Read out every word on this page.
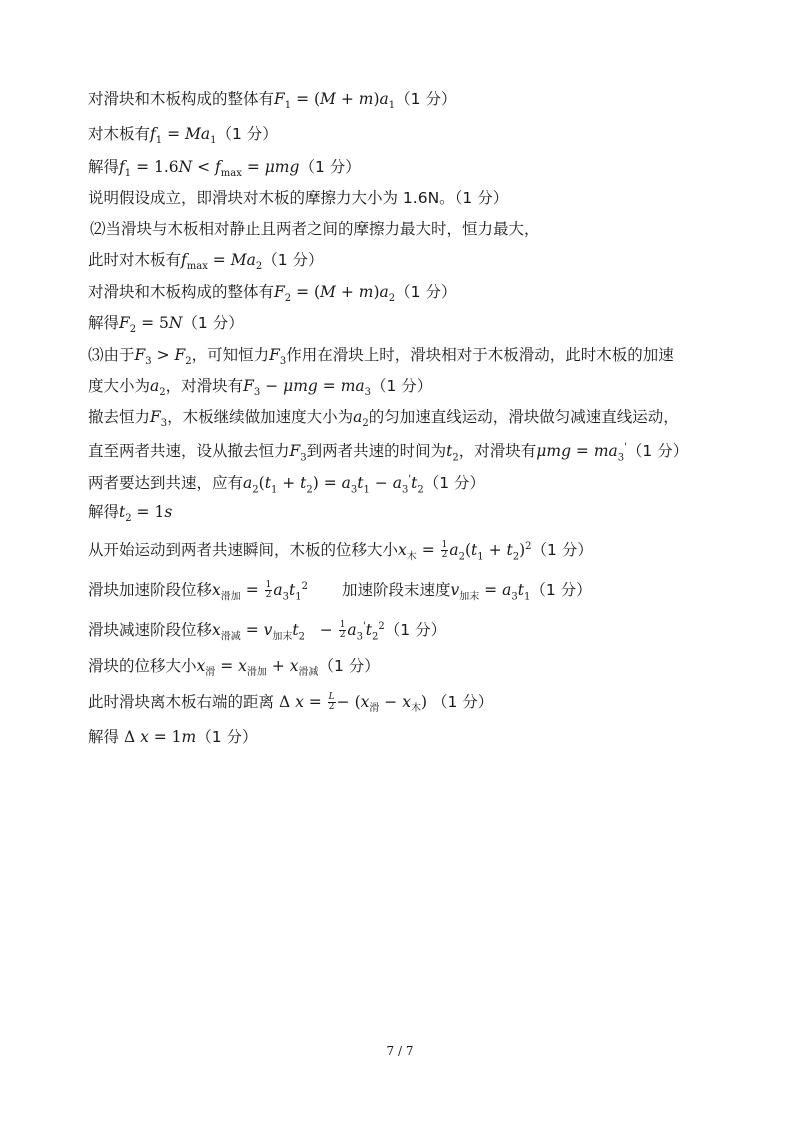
对滑块和木板构成的整体有$F_1 = (M + m)a_1(1$ 分）
对木板有$f_1 = Ma_1(1$ 分）
解得$f_1 = 1.6N < f_{max} = \mu mg(1$ 分）
说明假设成立，即滑块对木板的摩擦力大小为 1.6N。（1 分）
⑵当滑块与木板相对静止且两者之间的摩擦力最大时，恒力最大，
此时对木板有$f_{max} = Ma_2(1$ 分）
对滑块和木板构成的整体有$F_2 = (M + m)a_2(1$ 分）
解得$F_2 = 5N(1$ 分）
⑶由于$F_3 > F_2$，可知恒力$F_3$作用在滑块上时，滑块相对于木板滑动，此时木板的加速
度大小为$a_2$，对滑块有$F_3 - \mu mg = ma_3(1$ 分）
撤去恒力$F_3$，木板继续做加速度大小为$a_2$的匀加速直线运动，滑块做匀减速直线运动，
直至两者共速，设从撤去恒力$F_3$到两者共速的时间为$t_2$，对滑块有$\mu mg = ma_3'(1$ 分）
两者要达到共速，应有$a_2(t_1 + t_2) = a_3t_1 - a_3't_2(1$ 分）
解得$t_2 = 1s$
从开始运动到两者共速瞬间，木板的位移大小$x_木 = \frac{1}{2} a_2(t_1 + t_2)^2(1$ 分）
滑块加速阶段位移$x_{滑加} = \frac{1}{2} a_3t_1^2$ 加速阶段末速度$v_{加末} = a_3t_1(1$ 分）
滑块减速阶段位移$x_{滑减} = v_{加末}t_2 - \frac{1}{2} a_3't_2^2(1$ 分）
滑块的位移大小$x_滑 = x_{滑加} + x_{滑减}(1$ 分）
此时滑块离木板右端的距离 Δ $x = \frac{L}{2} - (x_滑 - x_木)$ （1 分）
解得 Δ x = 1m（1 分）
7 / 7
